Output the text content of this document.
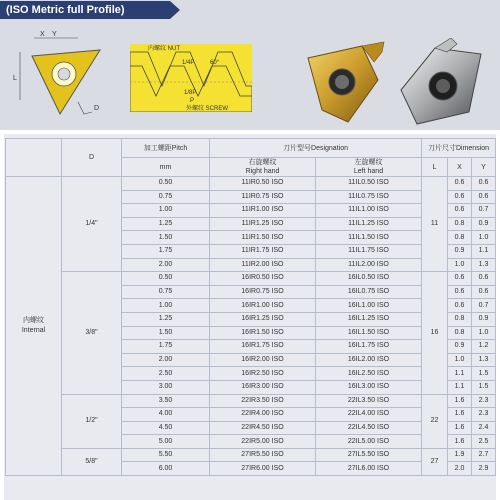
(ISO Metric full Profile)
Y
X
L
D
内螺纹 NUT
1/4P	60°
1/8P
P
外螺纹 SCREW
	D	加工螺距Pitch	刀片型号Designation		刀片尺寸Dimension		
		mm	右旋螺纹
Right hand	左旋螺纹
Left hand	L	X	Y
内螺纹
Internal	1/4"	0.50	11IR0.50 ISO	11IL0.50 ISO	11	0.6	0.6
		0.75	11IR0.75 ISO	11IL0.75 ISO		0.6	0.6
		1.00	11IR1.00 ISO	11IL1.00 ISO		0.6	0.7
		1.25	11IR1.25 ISO	11IL1.25 ISO		0.8	0.9
		1.50	11IR1.50 ISO	11IL1.50 ISO		0.8	1.0
		1.75	11IR1.75 ISO	11IL1.75 ISO		0.9	1.1
		2.00	11IR2.00 ISO	11IL2.00 ISO		1.0	1.3
	3/8"	0.50	16IR0.50 ISO	16IL0.50 ISO	16	0.6	0.6
		0.75	16IR0.75 ISO	16IL0.75 ISO		0.6	0.6
		1.00	16IR1.00 ISO	16IL1.00 ISO		0.6	0.7
		1.25	16IR1.25 ISO	16IL1.25 ISO		0.8	0.9
		1.50	16IR1.50 ISO	16IL1.50 ISO		0.8	1.0
		1.75	16IR1.75 ISO	16IL1.75 ISO		0.9	1.2
		2.00	16IR2.00 ISO	16IL2.00 ISO		1.0	1.3
		2.50	16IR2.50 ISO	16IL2.50 ISO		1.1	1.5
		3.00	16IR3.00 ISO	16IL3.00 ISO		1.1	1.5
	1/2"	3.50	22IR3.50 ISO	22IL3.50 ISO	22	1.6	2.3
		4.00	22IR4.00 ISO	22IL4.00 ISO		1.6	2.3
		4.50	22IR4.50 ISO	22IL4.50 ISO		1.6	2.4
		5.00	22IR5.00 ISO	22IL5.00 ISO		1.6	2.5
	5/8"	5.50	27IR5.50 ISO	27IL5.50 ISO	27	1.9	2.7
		6.00	27IR6.00 ISO	27IL6.00 ISO		2.0	2.9
